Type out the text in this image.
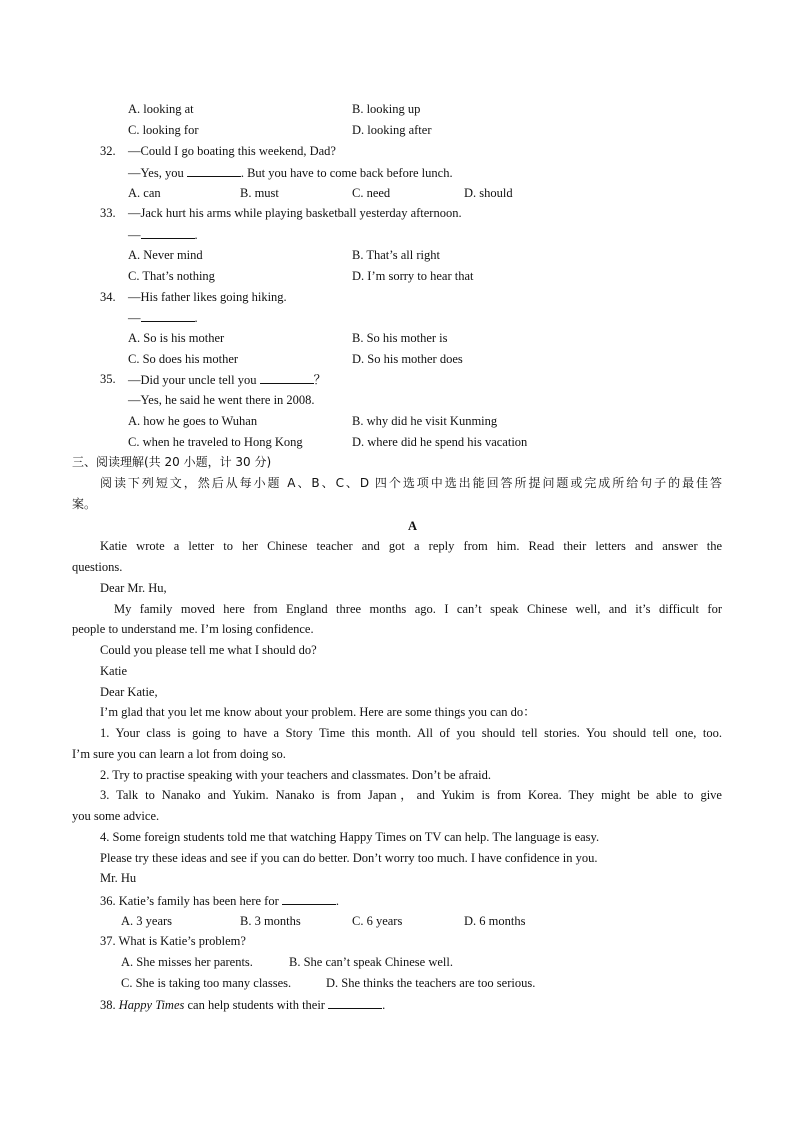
A. looking at	B. looking up
C. looking for	D. looking after
32. —Could I go boating this weekend, Dad?
—Yes, you	. But you have to come back before lunch.
A. can	B. must	C. need	D. should
33. —Jack hurt his arms while playing basketball yesterday afternoon.
—	.
A. Never mind	B. That’s all right
C. That’s nothing	D. I’m sorry to hear that
34. —His father likes going hiking.
—	.
A. So is his mother	B. So his mother is
C. So does his mother	D. So his mother does
35. —Did your uncle tell you	？
—Yes, he said he went there in 2008.
A. how he goes to Wuhan	B. why did he visit Kunming
C. when he traveled to Hong Kong	D. where did he spend his vacation
三、阅读理解(共 20 小题，计 30 分)
阅读下列短文，然后从每小题 A、B、C、D 四个选项中选出能回答所提问题或完成所给句子的最佳答
案。
A
Katie wrote a letter to her Chinese teacher and got a reply from him. Read their letters and answer the
questions.
Dear Mr. Hu,
My family moved here from England three months ago. I can’t speak Chinese well, and it’s difficult for
people to understand me. I’m losing confidence.
Could you please tell me what I should do?
Katie
Dear Katie,
I’m glad that you let me know about your problem. Here are some things you can do：
1. Your class is going to have a Story Time this month. All of you should tell stories. You should tell one, too.
I’m sure you can learn a lot from doing so.
2. Try to practise speaking with your teachers and classmates. Don’t be afraid.
3. Talk to Nanako and Yukim. Nanako is from Japan，and Yukim is from Korea. They might be able to give
you some advice.
4. Some foreign students told me that watching Happy Times on TV can help. The language is easy.
Please try these ideas and see if you can do better. Don’t worry too much. I have confidence in you.
Mr. Hu
36. Katie’s family has been here for	.
A. 3 years	B. 3 months	C. 6 years	D. 6 months
37. What is Katie’s problem?
A. She misses her parents.	B. She can’t speak Chinese well.
C. She is taking too many classes.	D. She thinks the teachers are too serious.
38. Happy Times can help students with their	.
